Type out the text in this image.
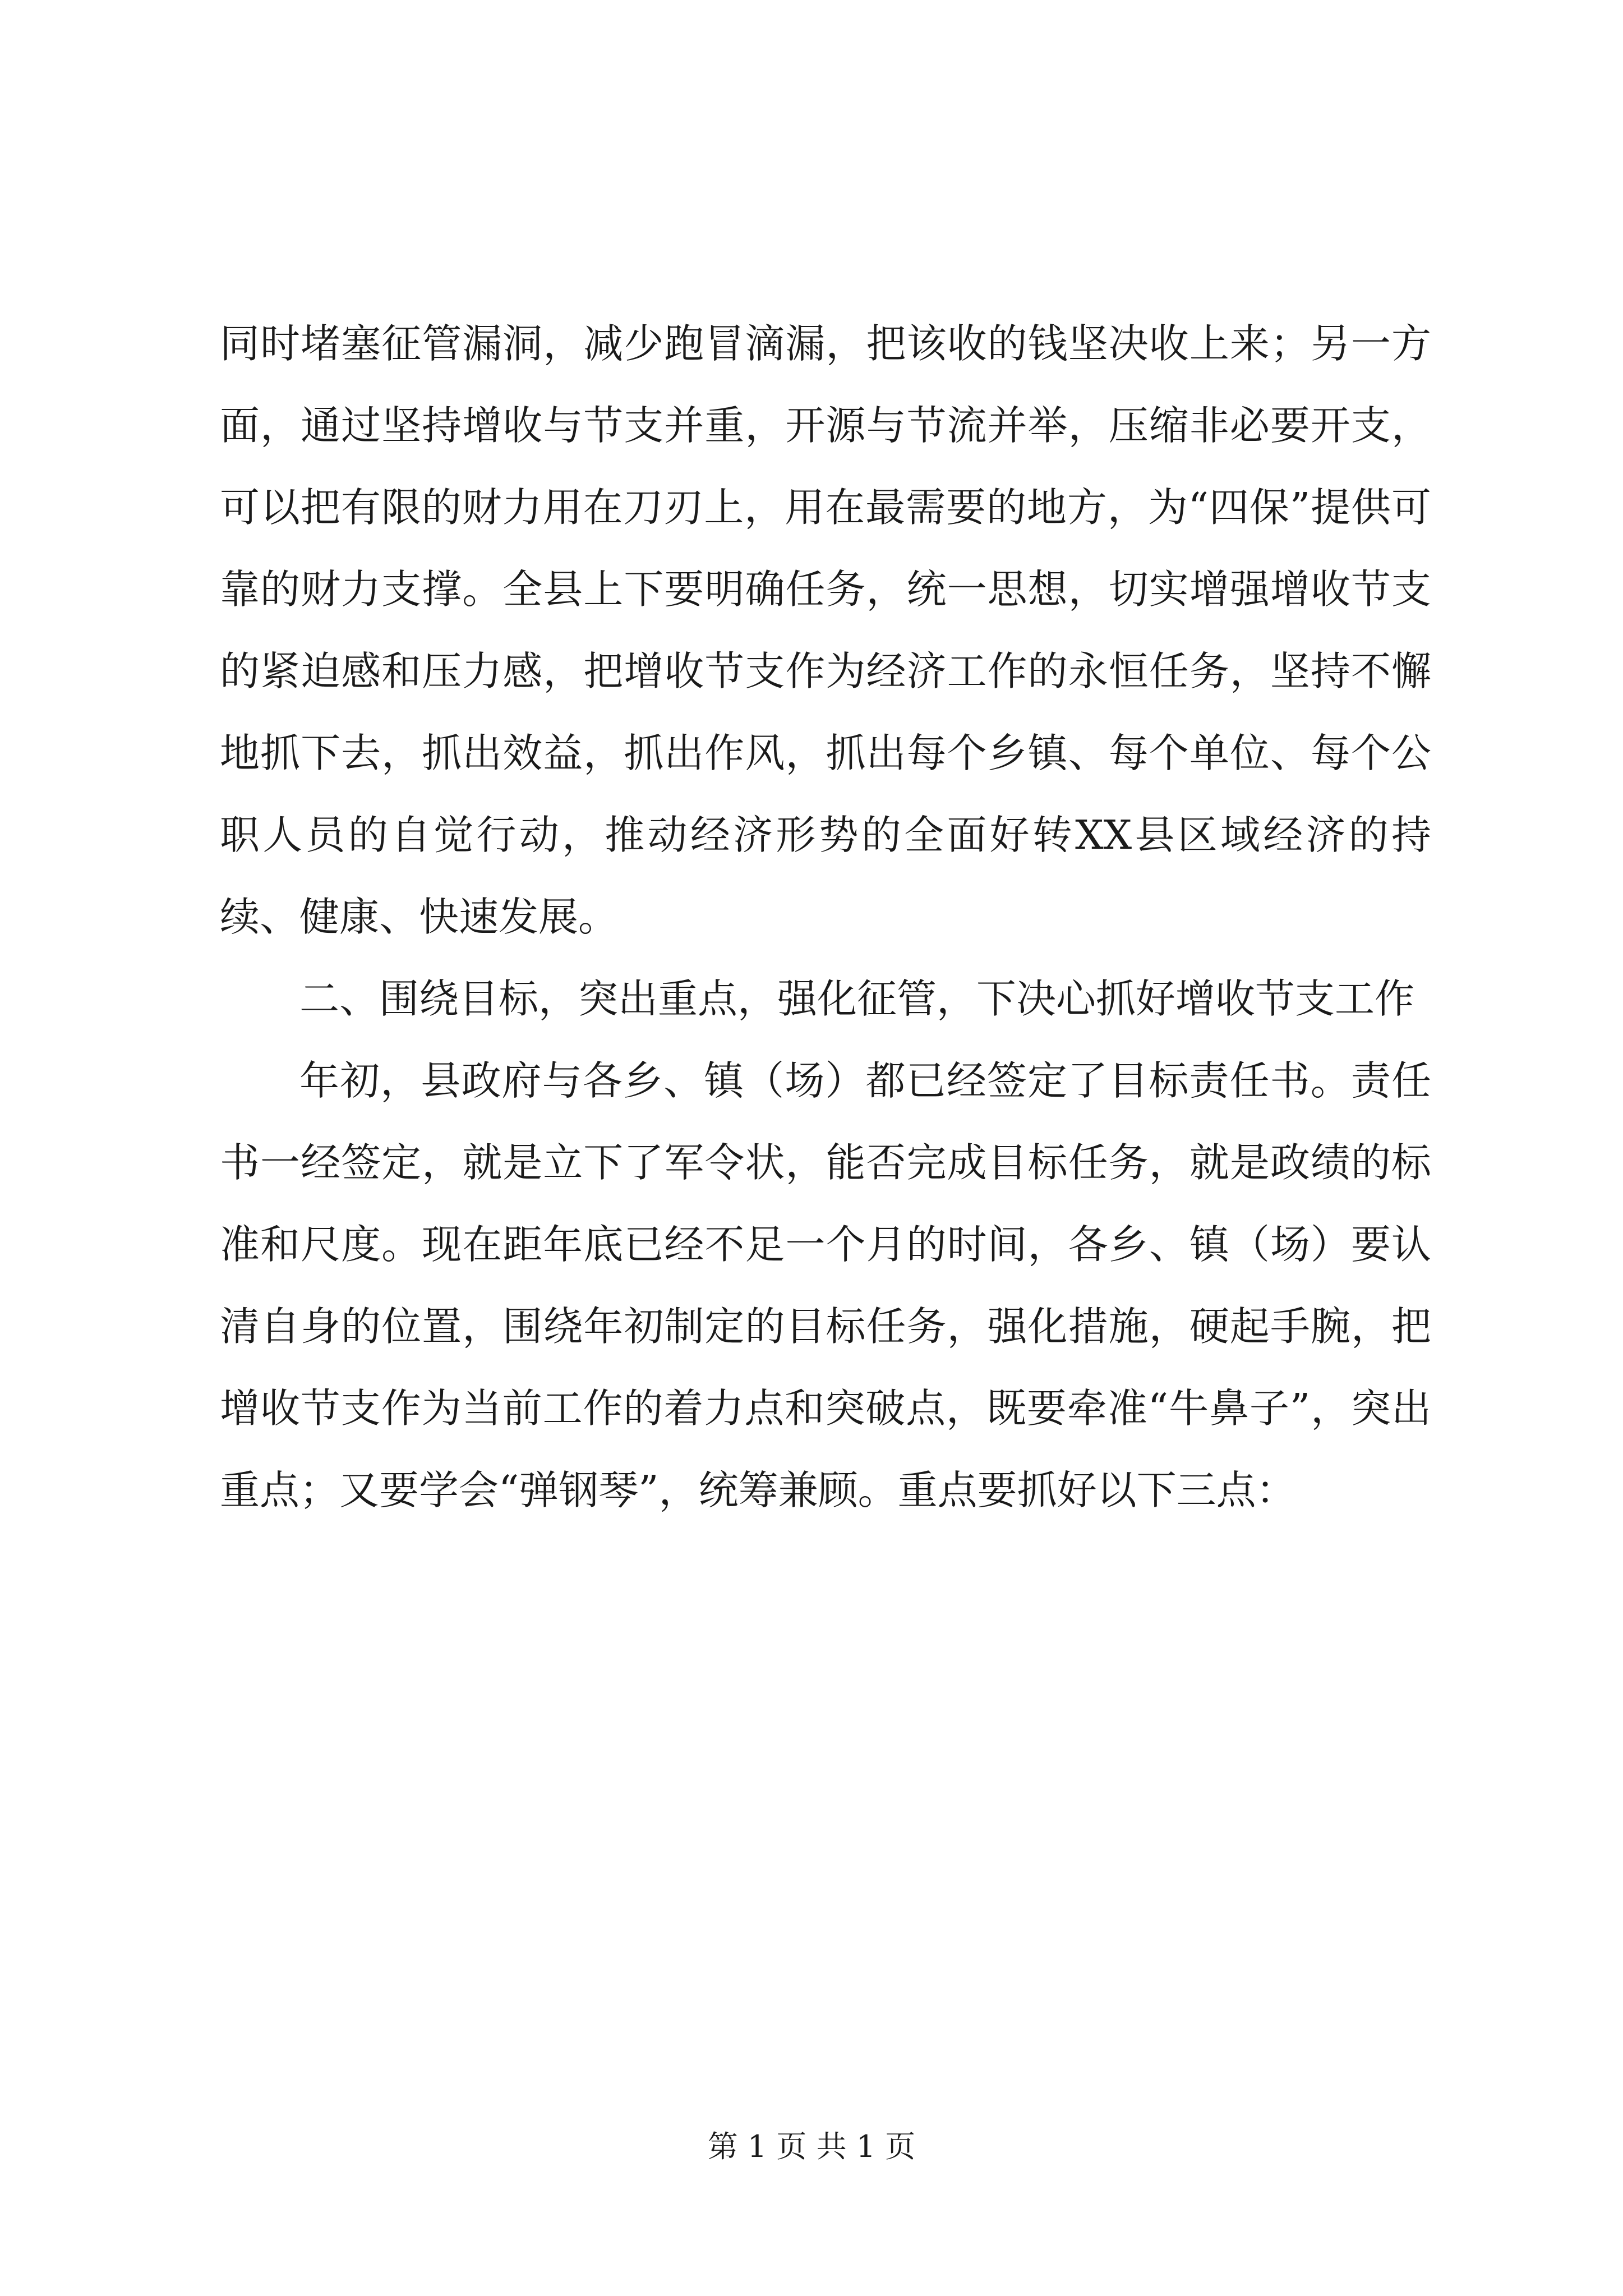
同时堵塞征管漏洞，减少跑冒滴漏，把该收的钱坚决收上来；另一方面，通过坚持增收与节支并重，开源与节流并举，压缩非必要开支，可以把有限的财力用在刀刃上，用在最需要的地方，为“四保”提供可靠的财力支撑。全县上下要明确任务，统一思想，切实增强增收节支的紧迫感和压力感，把增收节支作为经济工作的永恒任务，坚持不懈地抓下去，抓出效益，抓出作风，抓出每个乡镇、每个单位、每个公职人员的自觉行动，推动经济形势的全面好转XX县区域经济的持续、健康、快速发展。

二、围绕目标，突出重点，强化征管，下决心抓好增收节支工作

年初，县政府与各乡、镇（场）都已经签定了目标责任书。责任书一经签定，就是立下了军令状，能否完成目标任务，就是政绩的标准和尺度。现在距年底已经不足一个月的时间，各乡、镇（场）要认清自身的位置，围绕年初制定的目标任务，强化措施，硬起手腕，把增收节支作为当前工作的着力点和突破点，既要牵准“牛鼻子”，突出重点；又要学会“弹钢琴”，统筹兼顾。重点要抓好以下三点：

第 1 页 共 1 页
